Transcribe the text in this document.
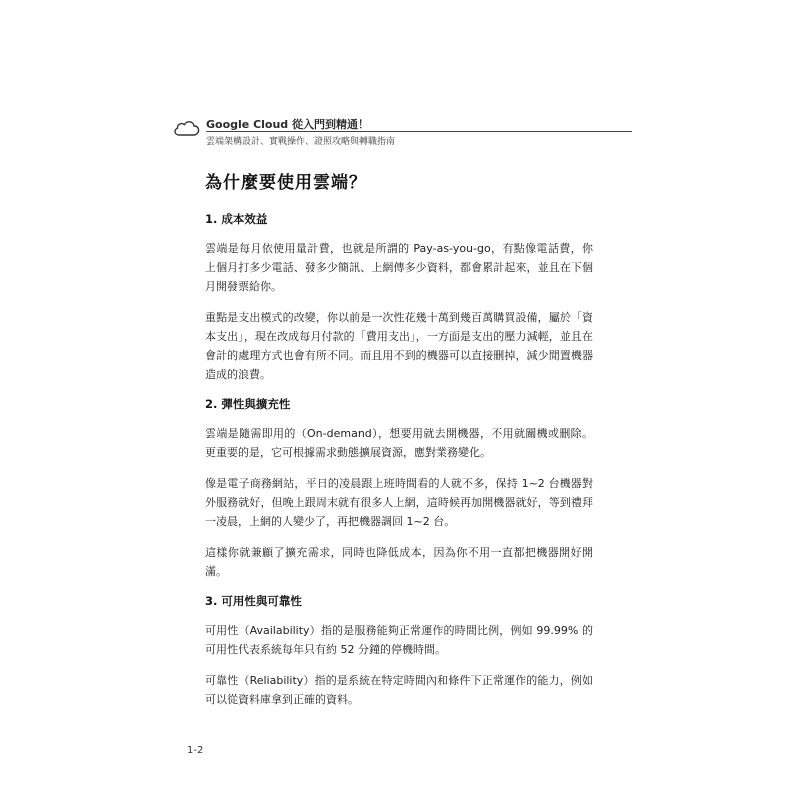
Google Cloud 從入門到精通！
雲端架構設計、實戰操作、證照攻略與轉職指南
為什麼要使用雲端？
1. 成本效益

雲端是每月依使用量計費，也就是所謂的 Pay-as-you-go，有點像電話費，你上個月打多少電話、發多少簡訊、上網傳多少資料，都會累計起來，並且在下個月開發票給你。

重點是支出模式的改變，你以前是一次性花幾十萬到幾百萬購買設備，屬於「資本支出」，現在改成每月付款的「費用支出」，一方面是支出的壓力減輕，並且在會計的處理方式也會有所不同。而且用不到的機器可以直接刪掉，減少閒置機器造成的浪費。

2. 彈性與擴充性

雲端是隨需即用的（On-demand），想要用就去開機器，不用就關機或刪除。更重要的是，它可根據需求動態擴展資源，應對業務變化。

像是電子商務網站，平日的凌晨跟上班時間看的人就不多，保持 1~2 台機器對外服務就好，但晚上跟周末就有很多人上網，這時候再加開機器就好，等到禮拜一凌晨，上網的人變少了，再把機器調回 1~2 台。

這樣你就兼顧了擴充需求，同時也降低成本，因為你不用一直都把機器開好開滿。

3. 可用性與可靠性

可用性（Availability）指的是服務能夠正常運作的時間比例，例如 99.99% 的可用性代表系統每年只有約 52 分鐘的停機時間。

可靠性（Reliability）指的是系統在特定時間內和條件下正常運作的能力，例如可以從資料庫拿到正確的資料。

1-2
